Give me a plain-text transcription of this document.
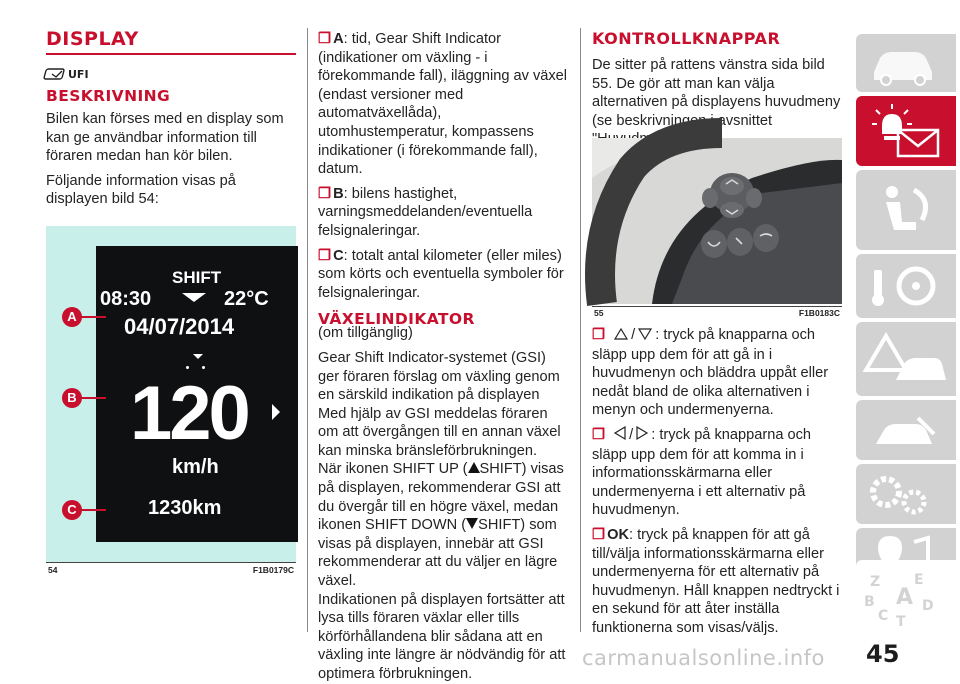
DISPLAY
UFI
BESKRIVNING

Bilen kan förses med en display som kan ge användbar information till föraren medan han kör bilen.

Följande information visas på displayen bild 54:

SHIFT
08:30	22°C
04/07/2014
120
km/h
1230km
A
B
C
54	F1B0179C

❐ A: tid, Gear Shift Indicator (indikationer om växling - i förekommande fall), iläggning av växel (endast versioner med automatväxellåda), utomhustemperatur, kompassens indikationer (i förekommande fall), datum.

❐ B: bilens hastighet, varningsmeddelanden/eventuella felsignaleringar.

❐ C: totalt antal kilometer (eller miles) som körts och eventuella symboler för felsignaleringar.

VÄXELINDIKATOR

(om tillgänglig)

Gear Shift Indicator-systemet (GSI) ger föraren förslag om växling genom en särskild indikation på displayen

Med hjälp av GSI meddelas föraren om att övergången till en annan växel kan minska bränsleförbrukningen.

När ikonen SHIFT UP ( SHIFT) visas på displayen, rekommenderar GSI att du övergår till en högre växel, medan ikonen SHIFT DOWN ( SHIFT) som visas på displayen, innebär att GSI rekommenderar att du väljer en lägre växel.

Indikationen på displayen fortsätter att lysa tills föraren växlar eller tills körförhållandena blir sådana att en växling inte längre är nödvändig för att optimera förbrukningen.

KONTROLLKNAPPAR

De sitter på rattens vänstra sida bild 55. De gör att man kan välja alternativen på displayens huvudmeny (se beskrivningen i avsnittet

55	F1B0183C

❐ / : tryck på knapparna och släpp upp dem för att gå in i huvudmenyn och bläddra uppåt eller nedåt bland de olika alternativen i menyn och undermenyerna.

❐ / : tryck på knapparna och släpp upp dem för att komma in i informationsskärmarna eller undermenyerna i ett alternativ på huvudmenyn.

❐ OK: tryck på knappen för att gå till/välja informationsskärmarna eller undermenyerna för ett alternativ på huvudmenyn. Håll knappen nedtryckt i en sekund för att åter inställa funktionerna som visas/väljs.

Z E
B A D
C T
45
carmanualsonline.info
